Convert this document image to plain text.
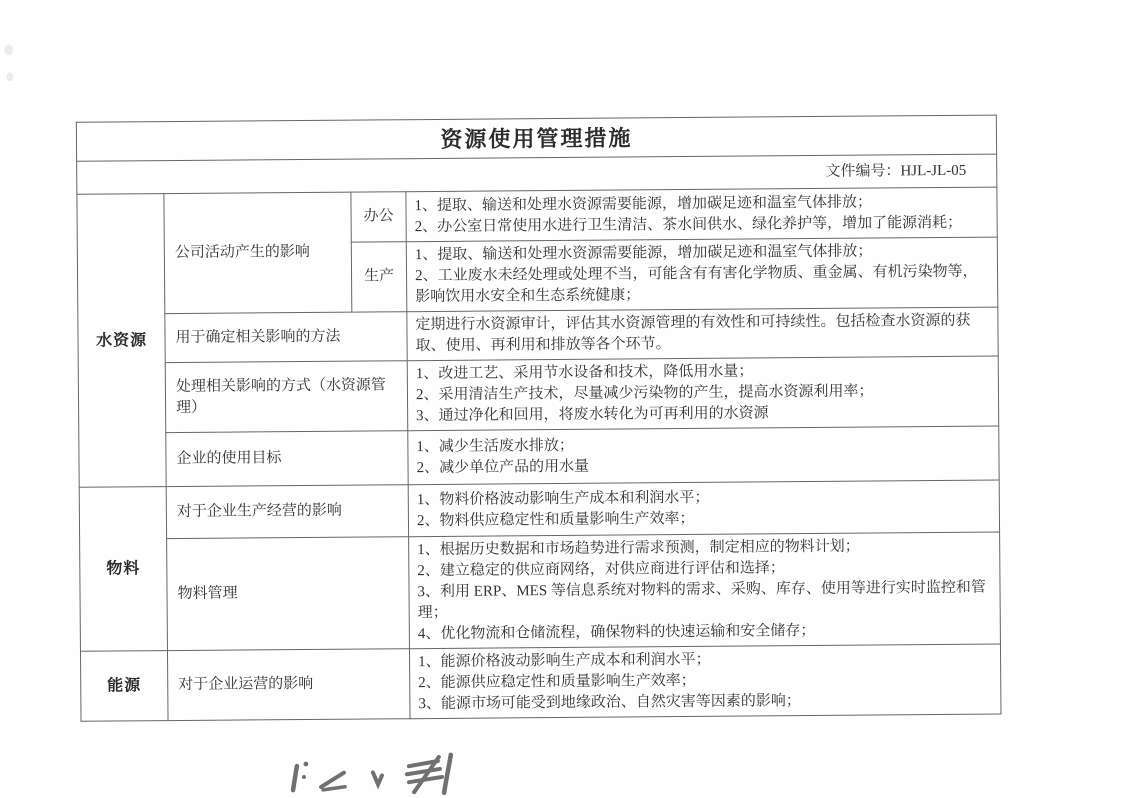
资源使用管理措施			
文件编号：HJL-JL-05			
水资源	公司活动产生的影响	办公	1、提取、输送和处理水资源需要能源，增加碳足迹和温室气体排放；
2、办公室日常使用水进行卫生清洁、茶水间供水、绿化养护等，增加了能源消耗；

		生产	1、提取、输送和处理水资源需要能源，增加碳足迹和温室气体排放；
2、工业废水未经处理或处理不当，可能含有有害化学物质、重金属、有机污染物等，影响饮用水安全和生态系统健康；

	用于确定相关影响的方法		定期进行水资源审计，评估其水资源管理的有效性和可持续性。包括检查水资源的获取、使用、再利用和排放等各个环节。

	处理相关影响的方式（水资源管理）		1、改进工艺、采用节水设备和技术，降低用水量；
2、采用清洁生产技术，尽量减少污染物的产生，提高水资源利用率；
3、通过净化和回用，将废水转化为可再利用的水资源

	企业的使用目标		1、减少生活废水排放；
2、减少单位产品的用水量

物料	对于企业生产经营的影响		1、物料价格波动影响生产成本和利润水平；
2、物料供应稳定性和质量影响生产效率；

	物料管理		1、根据历史数据和市场趋势进行需求预测，制定相应的物料计划；
2、建立稳定的供应商网络，对供应商进行评估和选择；
3、利用 ERP、MES 等信息系统对物料的需求、采购、库存、使用等进行实时监控和管理；
4、优化物流和仓储流程，确保物料的快速运输和安全储存；

能源	对于企业运营的影响		1、能源价格波动影响生产成本和利润水平；
2、能源供应稳定性和质量影响生产效率；
3、能源市场可能受到地缘政治、自然灾害等因素的影响；
